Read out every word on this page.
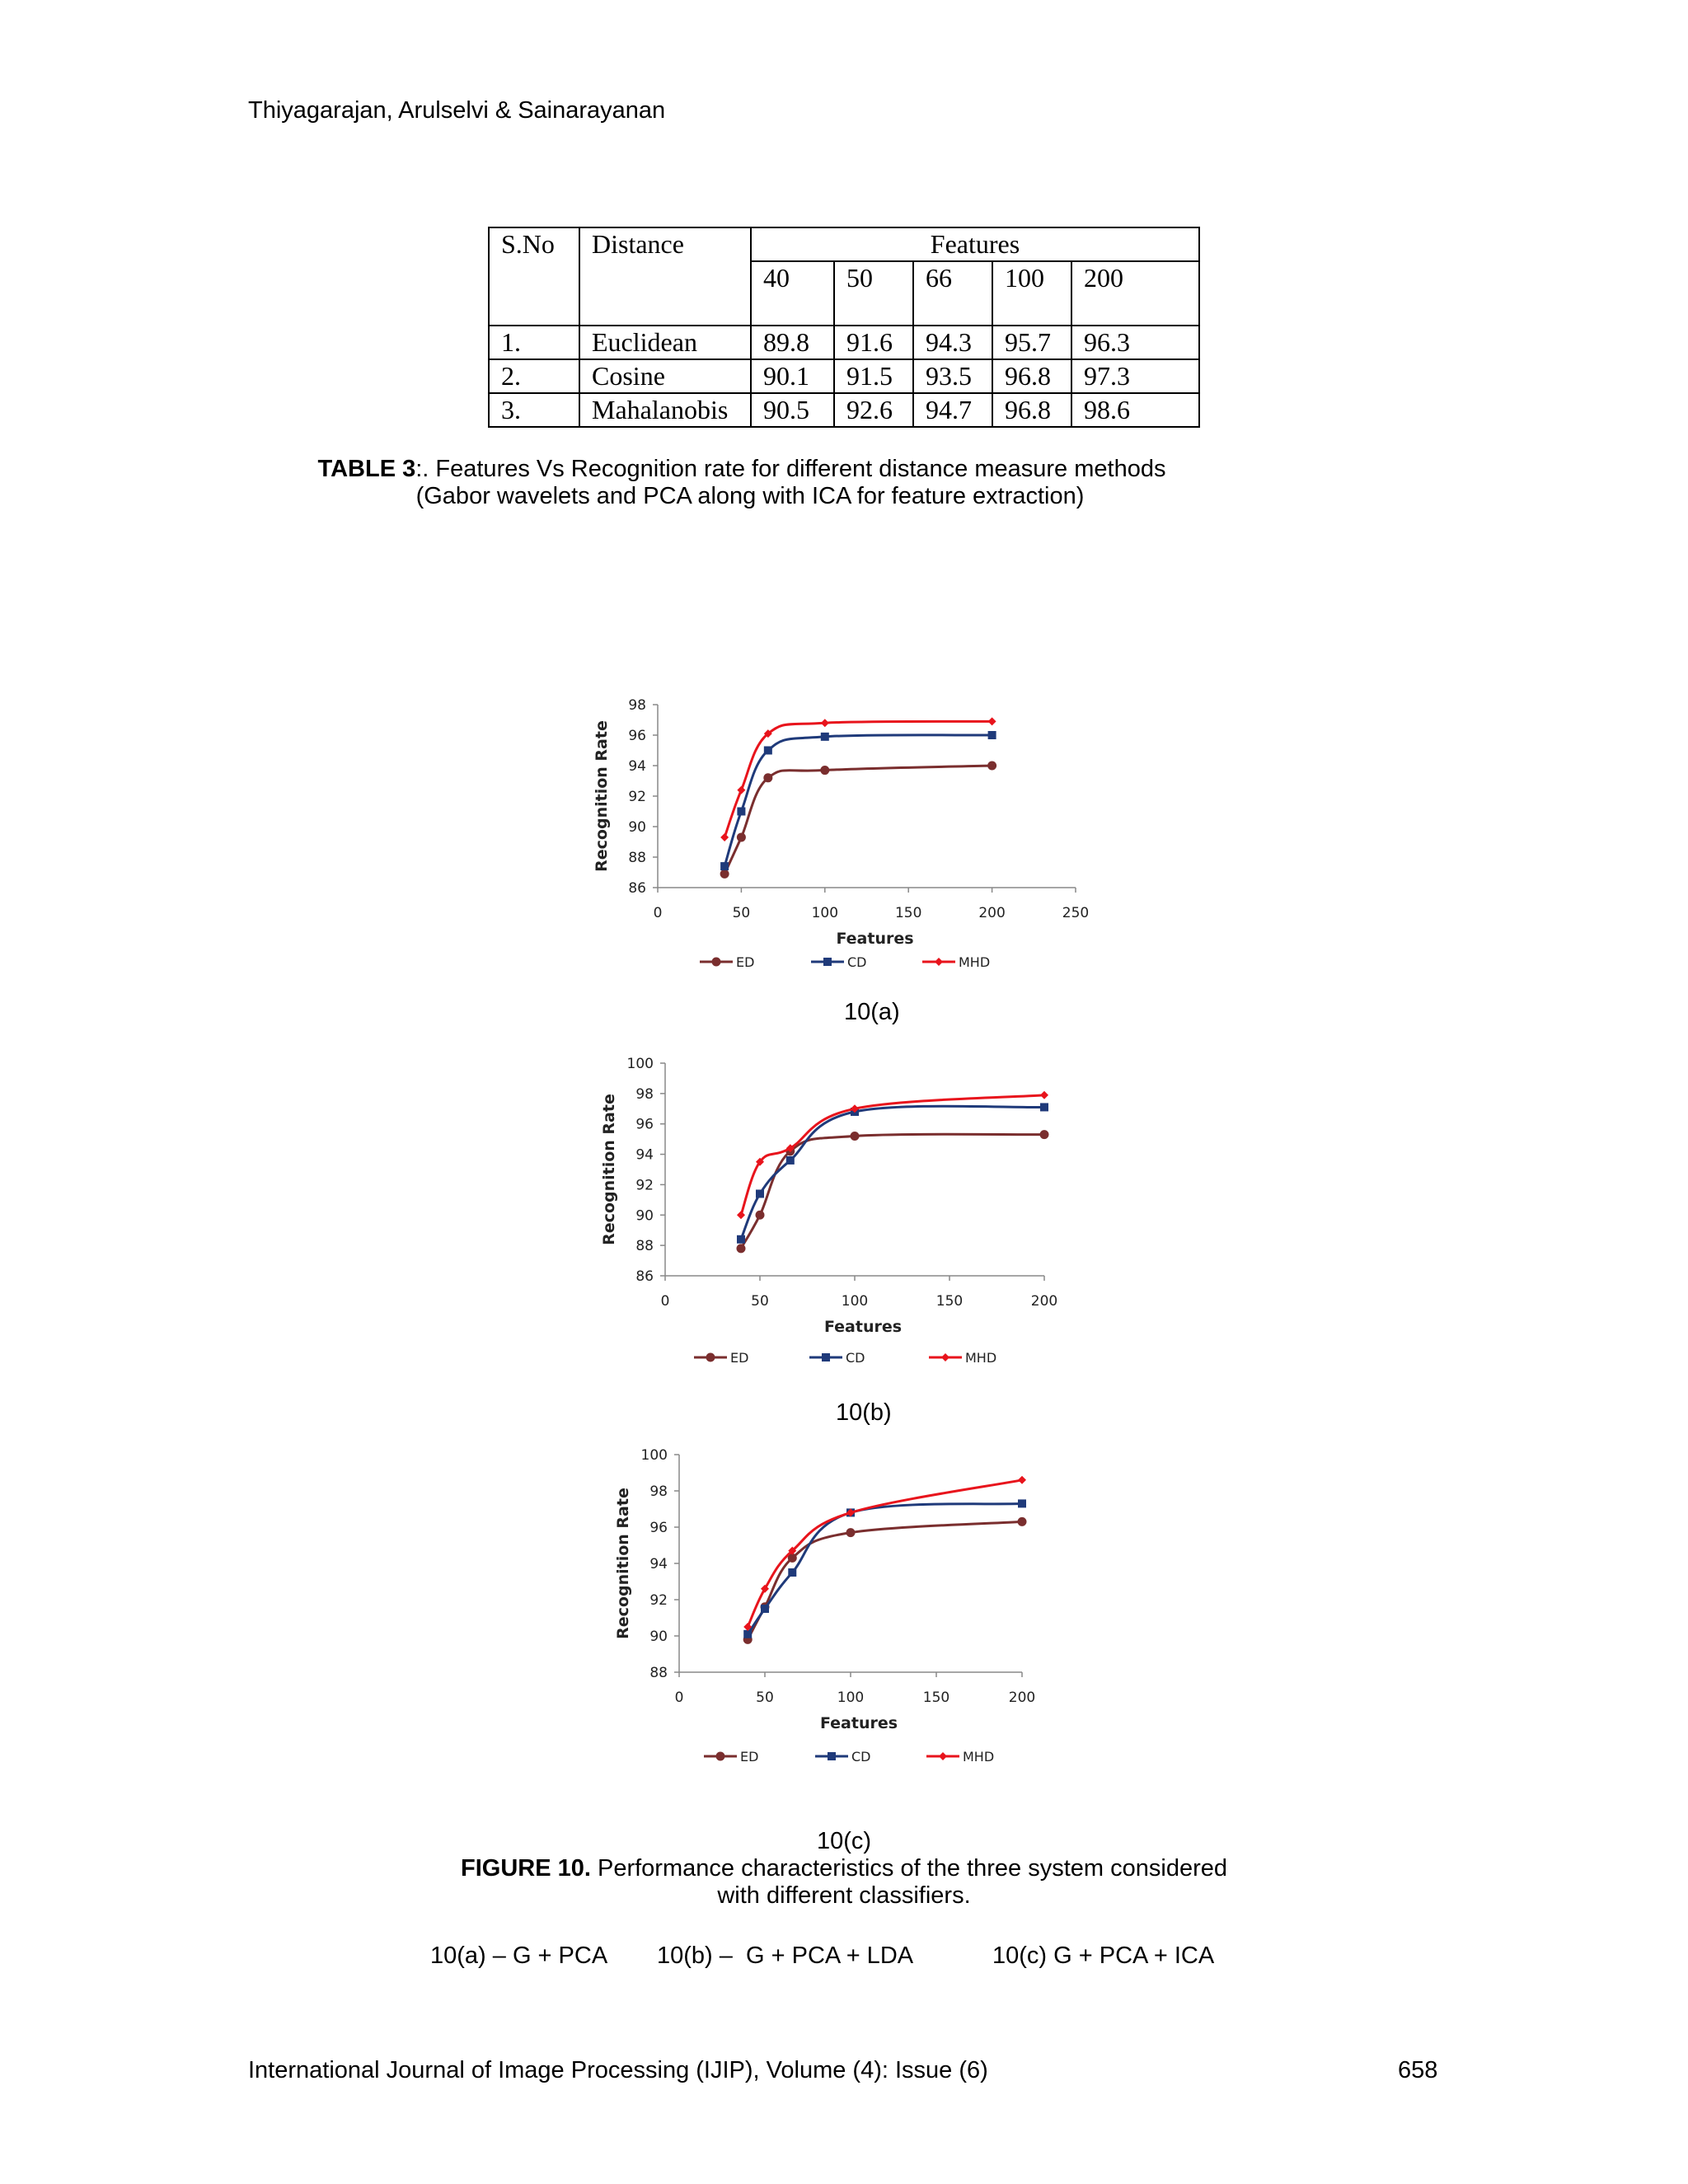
Thiyagarajan, Arulselvi & Sainarayanan
S.No	Distance	Features				
		40	50	66	100	200
1.	Euclidean	89.8	91.6	94.3	95.7	96.3
2.	Cosine	90.1	91.5	93.5	96.8	97.3
3.	Mahalanobis	90.5	92.6	94.7	96.8	98.6
TABLE 3:. Features Vs Recognition rate for different distance measure methods
(Gabor wavelets and PCA along with ICA for feature extraction)
86
88
90
92
94
96
98
0	50	100	150	200	250
Features
Recognition Rate
ED	CD	MHD
10(a)
86
88
90
92
94
96
98
100
0	50	100	150	200
Features
Recognition Rate
ED	CD	MHD
10(b)
88
90
92
94
96
98
100
0	50	100	150	200
Features
Recognition Rate
ED	CD	MHD
10(c)
FIGURE 10. Performance characteristics of the three system considered
with different classifiers.
10(a) – G + PCA 10(b) –  G + PCA + LDA	10(c) G + PCA + ICA
International Journal of Image Processing (IJIP), Volume (4): Issue (6)	658
